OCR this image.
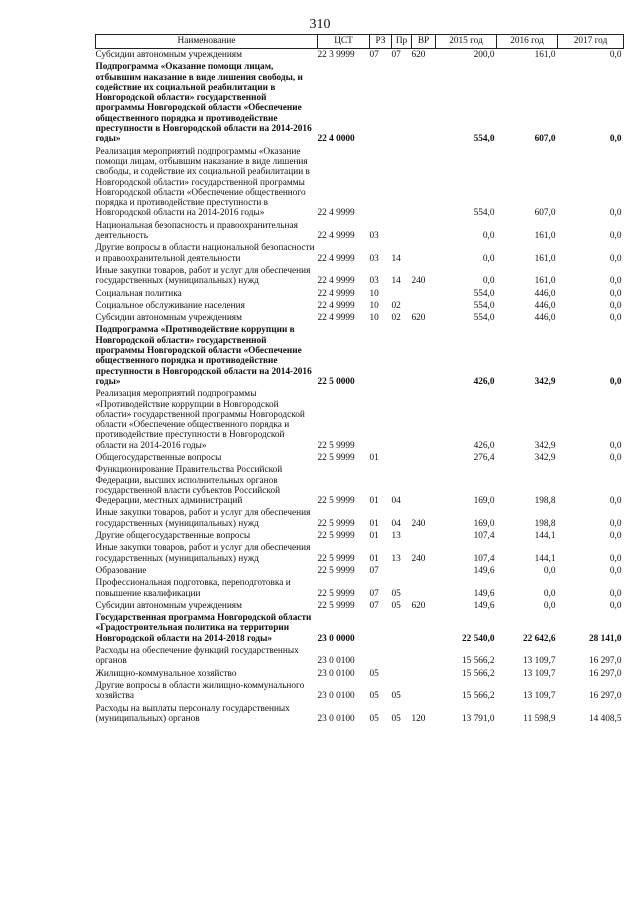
310
Наименование	ЦСТ	РЗ	Пр	ВР	2015 год	2016 год	2017 год
Субсидии автономным учреждениям	22 3 9999	07	07	620	200,0	161,0	0,0
Подпрограмма «Оказание помощи лицам, отбывшим наказание в виде лишения свободы, и содействие их социальной реабилитации в Новгородской области» государственной программы Новгородской области «Обеспечение общественного порядка и противодействие преступности в Новгородской области на 2014-2016 годы»	22 4 0000				554,0	607,0	0,0
Реализация мероприятий подпрограммы «Оказание помощи лицам, отбывшим наказание в виде лишения свободы, и содействие их социальной реабилитации в Новгородской области» государственной программы Новгородской области «Обеспечение общественного порядка и противодействие преступности в Новгородской области на 2014-2016 годы»	22 4 9999				554,0	607,0	0,0
Национальная безопасность и правоохранительная деятельность	22 4 9999	03			0,0	161,0	0,0
Другие вопросы в области национальной безопасности и правоохранительной деятельности	22 4 9999	03	14		0,0	161,0	0,0
Иные закупки товаров, работ и услуг для обеспечения государственных (муниципальных) нужд	22 4 9999	03	14	240	0,0	161,0	0,0
Социальная политика	22 4 9999	10			554,0	446,0	0,0
Социальное обслуживание населения	22 4 9999	10	02		554,0	446,0	0,0
Субсидии автономным учреждениям	22 4 9999	10	02	620	554,0	446,0	0,0
Подпрограмма «Противодействие коррупции в Новгородской области» государственной программы Новгородской области «Обеспечение общественного порядка и противодействие преступности в Новгородской области на 2014-2016 годы»	22 5 0000				426,0	342,9	0,0
Реализация мероприятий подпрограммы «Противодействие коррупции в Новгородской области» государственной программы Новгородской области «Обеспечение общественного порядка и противодействие преступности в Новгородской области на 2014-2016 годы»	22 5 9999				426,0	342,9	0,0
Общегосударственные вопросы	22 5 9999	01			276,4	342,9	0,0
Функционирование Правительства Российской Федерации, высших исполнительных органов государственной власти субъектов Российской Федерации, местных администраций	22 5 9999	01	04		169,0	198,8	0,0
Иные закупки товаров, работ и услуг для обеспечения государственных (муниципальных) нужд	22 5 9999	01	04	240	169,0	198,8	0,0
Другие общегосударственные вопросы	22 5 9999	01	13		107,4	144,1	0,0
Иные закупки товаров, работ и услуг для обеспечения государственных (муниципальных) нужд	22 5 9999	01	13	240	107,4	144,1	0,0
Образование	22 5 9999	07			149,6	0,0	0,0
Профессиональная подготовка, переподготовка и повышение квалификации	22 5 9999	07	05		149,6	0,0	0,0
Субсидии автономным учреждениям	22 5 9999	07	05	620	149,6	0,0	0,0
Государственная программа Новгородской области «Градостроительная политика на территории Новгородской области на 2014-2018 годы»	23 0 0000				22 540,0	22 642,6	28 141,0
Расходы на обеспечение функций государственных органов	23 0 0100				15 566,2	13 109,7	16 297,0
Жилищно-коммунальное хозяйство	23 0 0100	05			15 566,2	13 109,7	16 297,0
Другие вопросы в области жилищно-коммунального хозяйства	23 0 0100	05	05		15 566,2	13 109,7	16 297,0
Расходы на выплаты персоналу государственных (муниципальных) органов	23 0 0100	05	05	120	13 791,0	11 598,9	14 408,5
